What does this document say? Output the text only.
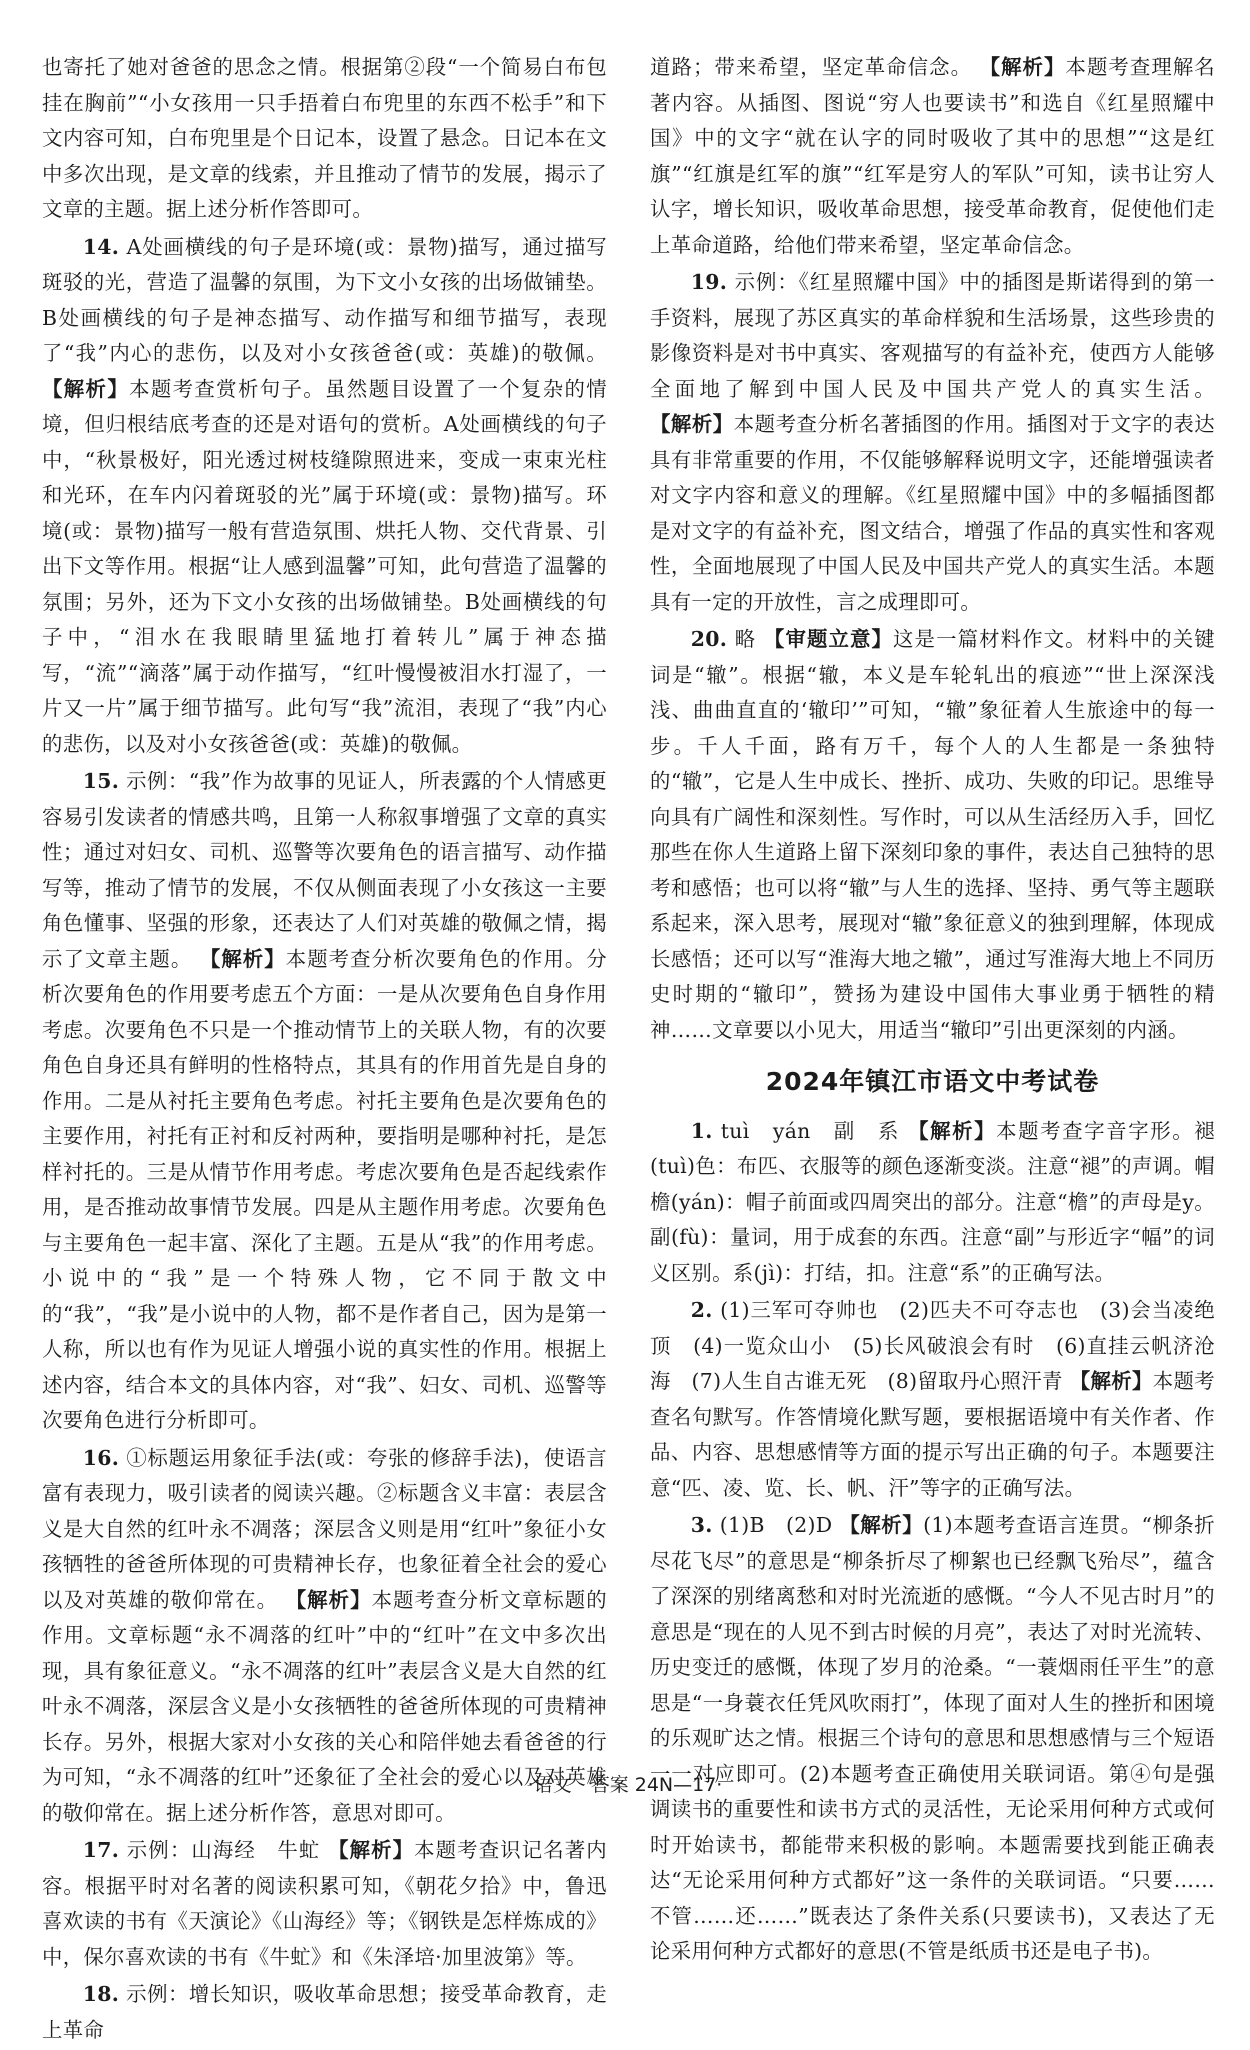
也寄托了她对爸爸的思念之情。根据第②段“一个简易白布包挂在胸前”“小女孩用一只手捂着白布兜里的东西不松手”和下文内容可知，白布兜里是个日记本，设置了悬念。日记本在文中多次出现，是文章的线索，并且推动了情节的发展，揭示了文章的主题。据上述分析作答即可。

14. A处画横线的句子是环境(或：景物)描写，通过描写斑驳的光，营造了温馨的氛围，为下文小女孩的出场做铺垫。B处画横线的句子是神态描写、动作描写和细节描写，表现了“我”内心的悲伤，以及对小女孩爸爸(或：英雄)的敬佩。 【解析】本题考查赏析句子。虽然题目设置了一个复杂的情境，但归根结底考查的还是对语句的赏析。A处画横线的句子中，“秋景极好，阳光透过树枝缝隙照进来，变成一束束光柱和光环，在车内闪着斑驳的光”属于环境(或：景物)描写。环境(或：景物)描写一般有营造氛围、烘托人物、交代背景、引出下文等作用。根据“让人感到温馨”可知，此句营造了温馨的氛围；另外，还为下文小女孩的出场做铺垫。B处画横线的句子中，“泪水在我眼睛里猛地打着转儿”属于神态描写，“流”“滴落”属于动作描写，“红叶慢慢被泪水打湿了，一片又一片”属于细节描写。此句写“我”流泪，表现了“我”内心的悲伤，以及对小女孩爸爸(或：英雄)的敬佩。

15. 示例：“我”作为故事的见证人，所表露的个人情感更容易引发读者的情感共鸣，且第一人称叙事增强了文章的真实性；通过对妇女、司机、巡警等次要角色的语言描写、动作描写等，推动了情节的发展，不仅从侧面表现了小女孩这一主要角色懂事、坚强的形象，还表达了人们对英雄的敬佩之情，揭示了文章主题。 【解析】本题考查分析次要角色的作用。分析次要角色的作用要考虑五个方面：一是从次要角色自身作用考虑。次要角色不只是一个推动情节上的关联人物，有的次要角色自身还具有鲜明的性格特点，其具有的作用首先是自身的作用。二是从衬托主要角色考虑。衬托主要角色是次要角色的主要作用，衬托有正衬和反衬两种，要指明是哪种衬托，是怎样衬托的。三是从情节作用考虑。考虑次要角色是否起线索作用，是否推动故事情节发展。四是从主题作用考虑。次要角色与主要角色一起丰富、深化了主题。五是从“我”的作用考虑。小说中的“我”是一个特殊人物，它不同于散文中的“我”，“我”是小说中的人物，都不是作者自己，因为是第一人称，所以也有作为见证人增强小说的真实性的作用。根据上述内容，结合本文的具体内容，对“我”、妇女、司机、巡警等次要角色进行分析即可。

16. ①标题运用象征手法(或：夸张的修辞手法)，使语言富有表现力，吸引读者的阅读兴趣。②标题含义丰富：表层含义是大自然的红叶永不凋落；深层含义则是用“红叶”象征小女孩牺牲的爸爸所体现的可贵精神长存，也象征着全社会的爱心以及对英雄的敬仰常在。 【解析】本题考查分析文章标题的作用。文章标题“永不凋落的红叶”中的“红叶”在文中多次出现，具有象征意义。“永不凋落的红叶”表层含义是大自然的红叶永不凋落，深层含义是小女孩牺牲的爸爸所体现的可贵精神长存。另外，根据大家对小女孩的关心和陪伴她去看爸爸的行为可知，“永不凋落的红叶”还象征了全社会的爱心以及对英雄的敬仰常在。据上述分析作答，意思对即可。

17. 示例：山海经　牛虻 【解析】本题考查识记名著内容。根据平时对名著的阅读积累可知，《朝花夕拾》中，鲁迅喜欢读的书有《天演论》《山海经》等；《钢铁是怎样炼成的》中，保尔喜欢读的书有《牛虻》和《朱泽培·加里波第》等。

18. 示例：增长知识，吸收革命思想；接受革命教育，走上革命

道路；带来希望，坚定革命信念。 【解析】本题考查理解名著内容。从插图、图说“穷人也要读书”和选自《红星照耀中国》中的文字“就在认字的同时吸收了其中的思想”“这是红旗”“红旗是红军的旗”“红军是穷人的军队”可知，读书让穷人认字，增长知识，吸收革命思想，接受革命教育，促使他们走上革命道路，给他们带来希望，坚定革命信念。

19. 示例：《红星照耀中国》中的插图是斯诺得到的第一手资料，展现了苏区真实的革命样貌和生活场景，这些珍贵的影像资料是对书中真实、客观描写的有益补充，使西方人能够全面地了解到中国人民及中国共产党人的真实生活。 【解析】本题考查分析名著插图的作用。插图对于文字的表达具有非常重要的作用，不仅能够解释说明文字，还能增强读者对文字内容和意义的理解。《红星照耀中国》中的多幅插图都是对文字的有益补充，图文结合，增强了作品的真实性和客观性，全面地展现了中国人民及中国共产党人的真实生活。本题具有一定的开放性，言之成理即可。

20. 略 【审题立意】这是一篇材料作文。材料中的关键词是“辙”。根据“辙，本义是车轮轧出的痕迹”“世上深深浅浅、曲曲直直的‘辙印’”可知，“辙”象征着人生旅途中的每一步。千人千面，路有万千，每个人的人生都是一条独特的“辙”，它是人生中成长、挫折、成功、失败的印记。思维导向具有广阔性和深刻性。写作时，可以从生活经历入手，回忆那些在你人生道路上留下深刻印象的事件，表达自己独特的思考和感悟；也可以将“辙”与人生的选择、坚持、勇气等主题联系起来，深入思考，展现对“辙”象征意义的独到理解，体现成长感悟；还可以写“淮海大地之辙”，通过写淮海大地上不同历史时期的“辙印”，赞扬为建设中国伟大事业勇于牺牲的精神……文章要以小见大，用适当“辙印”引出更深刻的内涵。

2024年镇江市语文中考试卷

1. tuì　yán　副　系 【解析】本题考查字音字形。褪(tuì)色：布匹、衣服等的颜色逐渐变淡。注意“褪”的声调。帽檐(yán)：帽子前面或四周突出的部分。注意“檐”的声母是y。副(fù)：量词，用于成套的东西。注意“副”与形近字“幅”的词义区别。系(jì)：打结，扣。注意“系”的正确写法。

2. (1)三军可夺帅也　(2)匹夫不可夺志也　(3)会当凌绝顶　(4)一览众山小　(5)长风破浪会有时　(6)直挂云帆济沧海　(7)人生自古谁无死　(8)留取丹心照汗青 【解析】本题考查名句默写。作答情境化默写题，要根据语境中有关作者、作品、内容、思想感情等方面的提示写出正确的句子。本题要注意“匹、凌、览、长、帆、汗”等字的正确写法。

3. (1)B　(2)D 【解析】(1)本题考查语言连贯。“柳条折尽花飞尽”的意思是“柳条折尽了柳絮也已经飘飞殆尽”，蕴含了深深的别绪离愁和对时光流逝的感慨。“今人不见古时月”的意思是“现在的人见不到古时候的月亮”，表达了对时光流转、历史变迁的感慨，体现了岁月的沧桑。“一蓑烟雨任平生”的意思是“一身蓑衣任凭风吹雨打”，体现了面对人生的挫折和困境的乐观旷达之情。根据三个诗句的意思和思想感情与三个短语一一对应即可。(2)本题考查正确使用关联词语。第④句是强调读书的重要性和读书方式的灵活性，无论采用何种方式或何时开始读书，都能带来积极的影响。本题需要找到能正确表达“无论采用何种方式都好”这一条件的关联词语。“只要……不管……还……”既表达了条件关系(只要读书)，又表达了无论采用何种方式都好的意思(不管是纸质书还是电子书)。

·语文　答案 24N—17·
